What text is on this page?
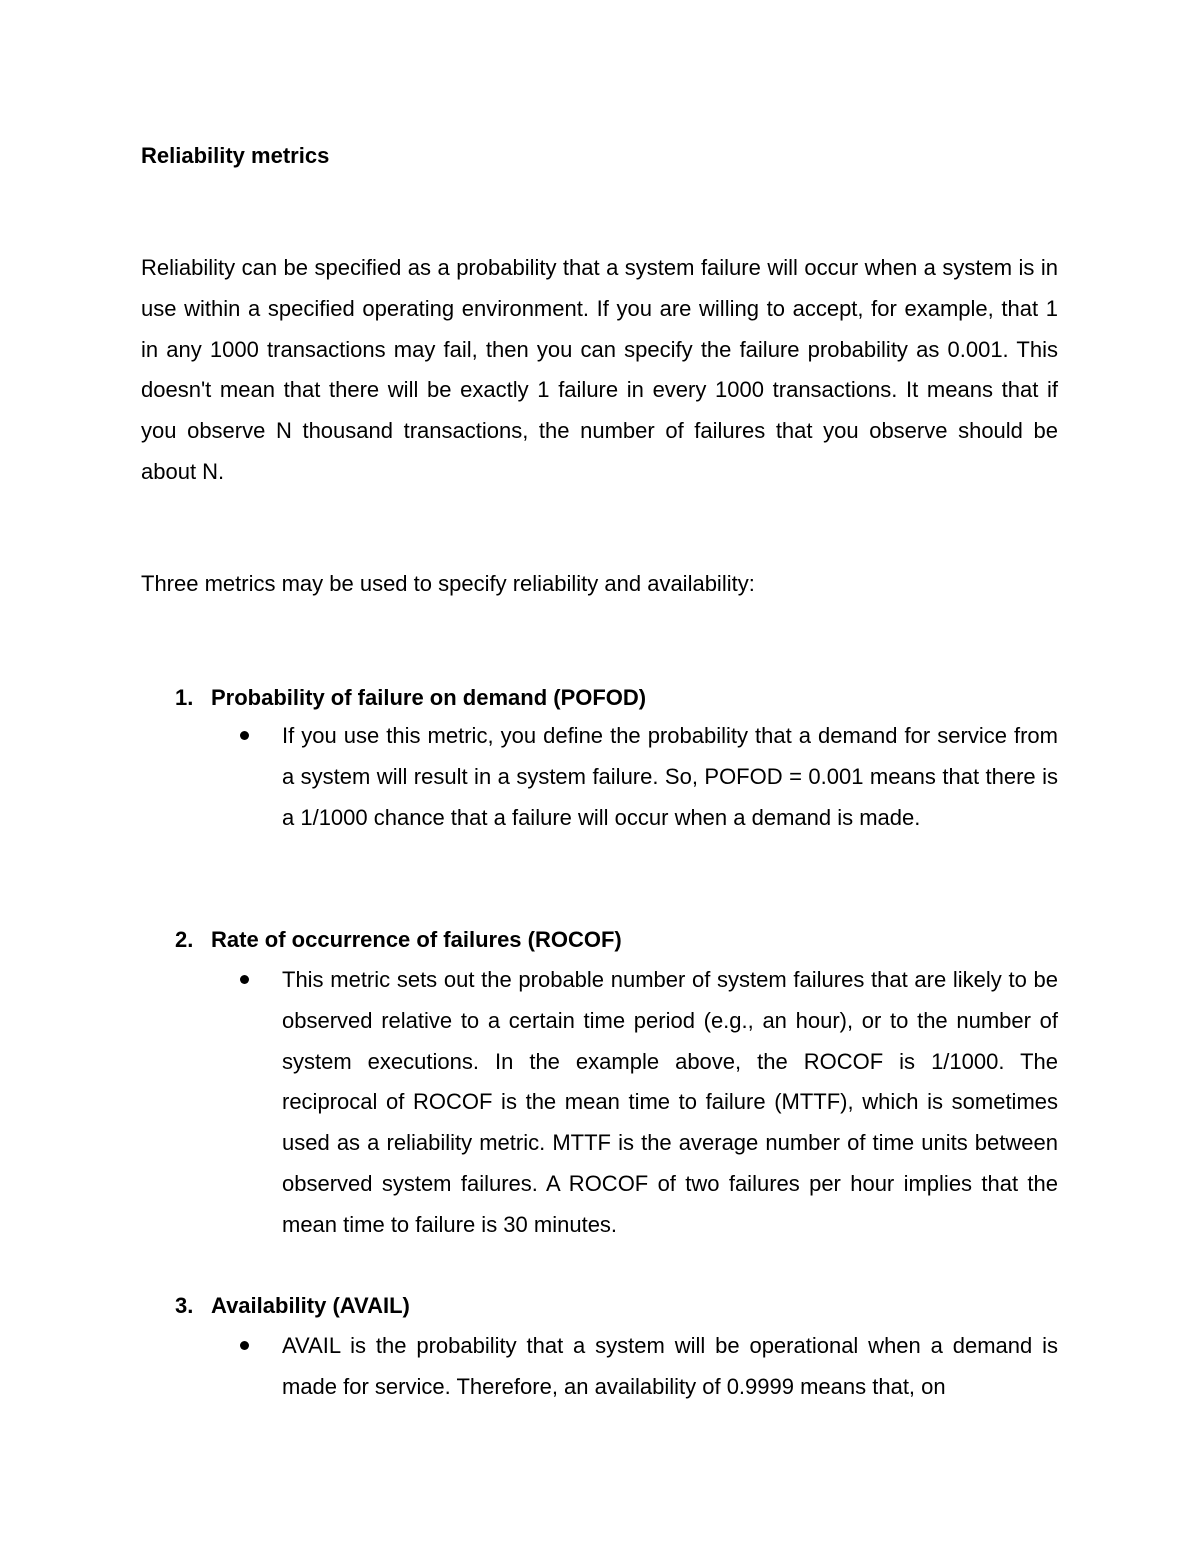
Reliability metrics

Reliability can be specified as a probability that a system failure will occur when a system is in use within a specified operating environment. If you are willing to accept, for example, that 1 in any 1000 transactions may fail, then you can specify the failure probability as 0.001. This doesn't mean that there will be exactly 1 failure in every 1000 transactions. It means that if you observe N thousand transactions, the number of failures that you observe should be about N.

Three metrics may be used to specify reliability and availability:

1. Probability of failure on demand (POFOD)

If you use this metric, you define the probability that a demand for service from a system will result in a system failure. So, POFOD = 0.001 means that there is a 1/1000 chance that a failure will occur when a demand is made.

2. Rate of occurrence of failures (ROCOF)

This metric sets out the probable number of system failures that are likely to be observed relative to a certain time period (e.g., an hour), or to the number of system executions. In the example above, the ROCOF is 1/1000. The reciprocal of ROCOF is the mean time to failure (MTTF), which is sometimes used as a reliability metric. MTTF is the average number of time units between observed system failures. A ROCOF of two failures per hour implies that the mean time to failure is 30 minutes.

3. Availability (AVAIL)

AVAIL is the probability that a system will be operational when a demand is made for service. Therefore, an availability of 0.9999 means that, on
